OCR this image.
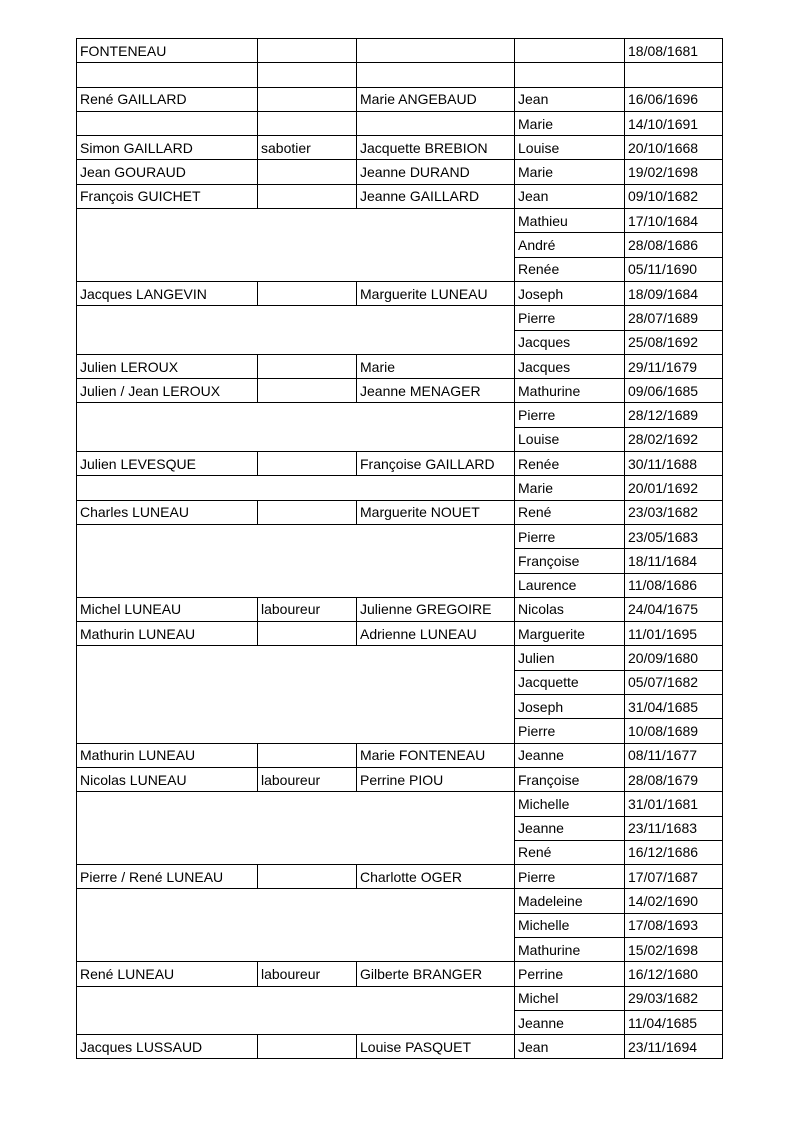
FONTENEAU				18/08/1681

René GAILLARD		Marie ANGEBAUD	Jean	16/06/1696
			Marie	14/10/1691
Simon GAILLARD	sabotier	Jacquette BREBION	Louise	20/10/1668
Jean GOURAUD		Jeanne DURAND	Marie	19/02/1698
François GUICHET		Jeanne GAILLARD	Jean	09/10/1682
			Mathieu	17/10/1684
			André	28/08/1686
			Renée	05/11/1690
Jacques LANGEVIN		Marguerite LUNEAU	Joseph	18/09/1684
			Pierre	28/07/1689
			Jacques	25/08/1692
Julien LEROUX		Marie	Jacques	29/11/1679
Julien / Jean LEROUX		Jeanne MENAGER	Mathurine	09/06/1685
			Pierre	28/12/1689
			Louise	28/02/1692
Julien LEVESQUE		Françoise GAILLARD	Renée	30/11/1688
			Marie	20/01/1692
Charles LUNEAU		Marguerite NOUET	René	23/03/1682
			Pierre	23/05/1683
			Françoise	18/11/1684
			Laurence	11/08/1686
Michel LUNEAU	laboureur	Julienne GREGOIRE	Nicolas	24/04/1675
Mathurin LUNEAU		Adrienne LUNEAU	Marguerite	11/01/1695
			Julien	20/09/1680
			Jacquette	05/07/1682
			Joseph	31/04/1685
			Pierre	10/08/1689
Mathurin LUNEAU		Marie FONTENEAU	Jeanne	08/11/1677
Nicolas LUNEAU	laboureur	Perrine PIOU	Françoise	28/08/1679
			Michelle	31/01/1681
			Jeanne	23/11/1683
			René	16/12/1686
Pierre / René LUNEAU		Charlotte OGER	Pierre	17/07/1687
			Madeleine	14/02/1690
			Michelle	17/08/1693
			Mathurine	15/02/1698
René LUNEAU	laboureur	Gilberte BRANGER	Perrine	16/12/1680
			Michel	29/03/1682
			Jeanne	11/04/1685
Jacques LUSSAUD		Louise PASQUET	Jean	23/11/1694
